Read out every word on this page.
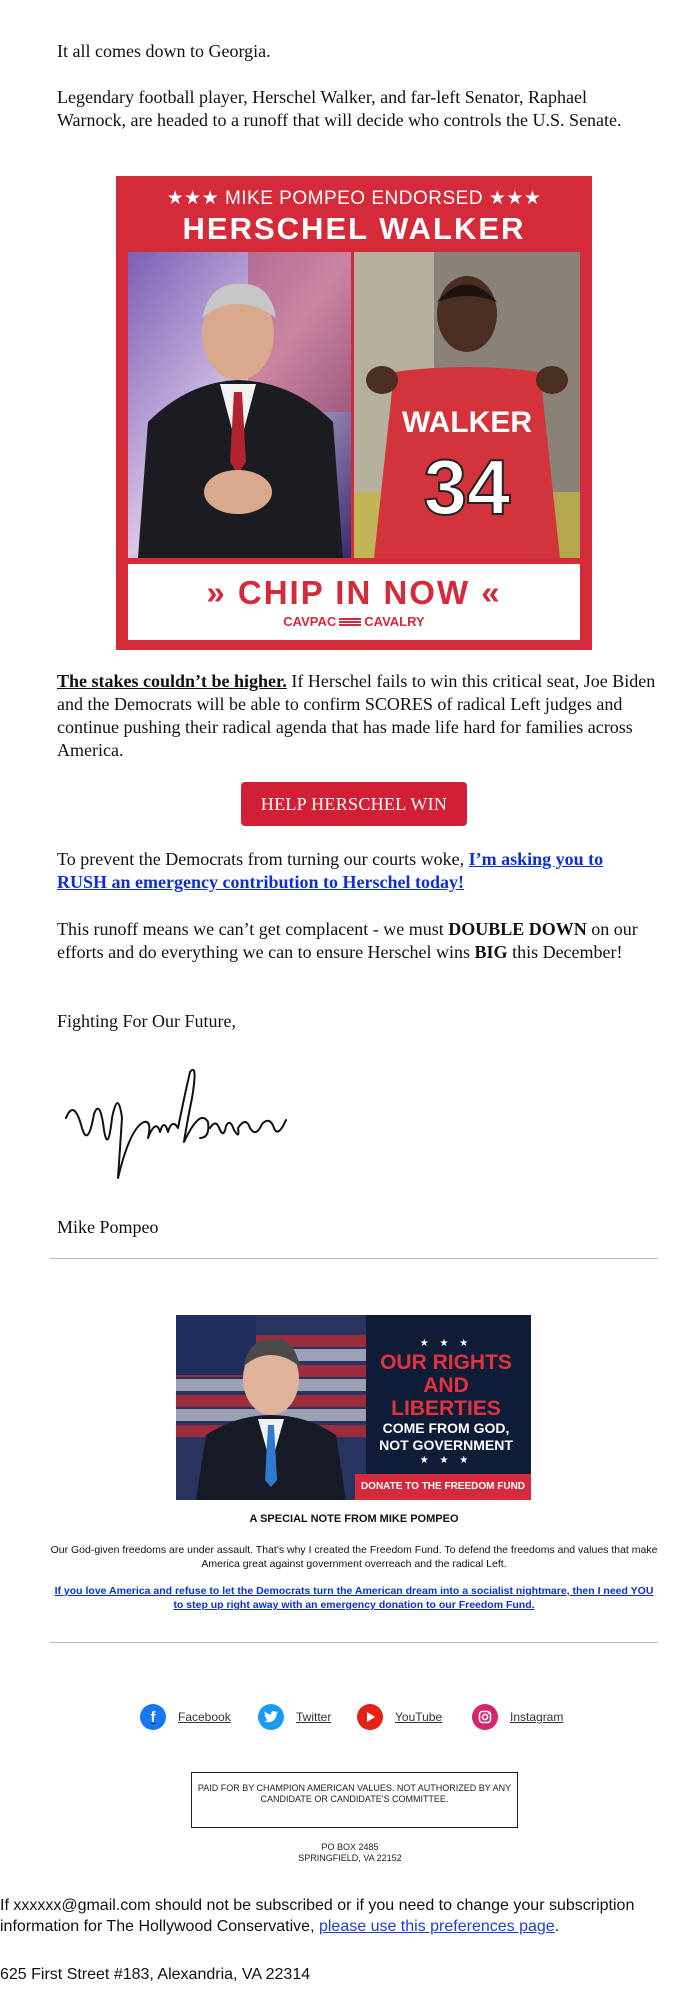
It all comes down to Georgia.

Legendary football player, Herschel Walker, and far-left Senator, Raphael Warnock, are headed to a runoff that will decide who controls the U.S. Senate.

★★★ MIKE POMPEO ENDORSED ★★★
HERSCHEL WALKER
WALKER
34
» CHIP IN NOW «
CAVPAC CAVALRY

The stakes couldn’t be higher. If Herschel fails to win this critical seat, Joe Biden and the Democrats will be able to confirm SCORES of radical Left judges and continue pushing their radical agenda that has made life hard for families across America.

HELP HERSCHEL WIN

To prevent the Democrats from turning our courts woke, I’m asking you to RUSH an emergency contribution to Herschel today!

This runoff means we can’t get complacent - we must DOUBLE DOWN on our efforts and do everything we can to ensure Herschel wins BIG this December!

Fighting For Our Future,

Mike Pompeo

★ ★ ★
OUR RIGHTS
AND LIBERTIES
COME FROM GOD,
NOT GOVERNMENT
★ ★ ★
DONATE TO THE FREEDOM FUND
A SPECIAL NOTE FROM MIKE POMPEO
Our God-given freedoms are under assault. That's why I created the Freedom Fund. To defend the freedoms and values that make America great against government overreach and the radical Left.
If you love America and refuse to let the Democrats turn the American dream into a socialist nightmare, then I need YOU to step up right away with an emergency donation to our Freedom Fund.
f	Facebook	Twitter	YouTube	Instagram
PAID FOR BY CHAMPION AMERICAN VALUES. NOT AUTHORIZED BY ANY CANDIDATE OR CANDIDATE'S COMMITTEE.
PO BOX 2485
SPRINGFIELD, VA 22152

If xxxxxx@gmail.com should not be subscribed or if you need to change your subscription information for The Hollywood Conservative, please use this preferences page.

625 First Street #183, Alexandria, VA 22314
